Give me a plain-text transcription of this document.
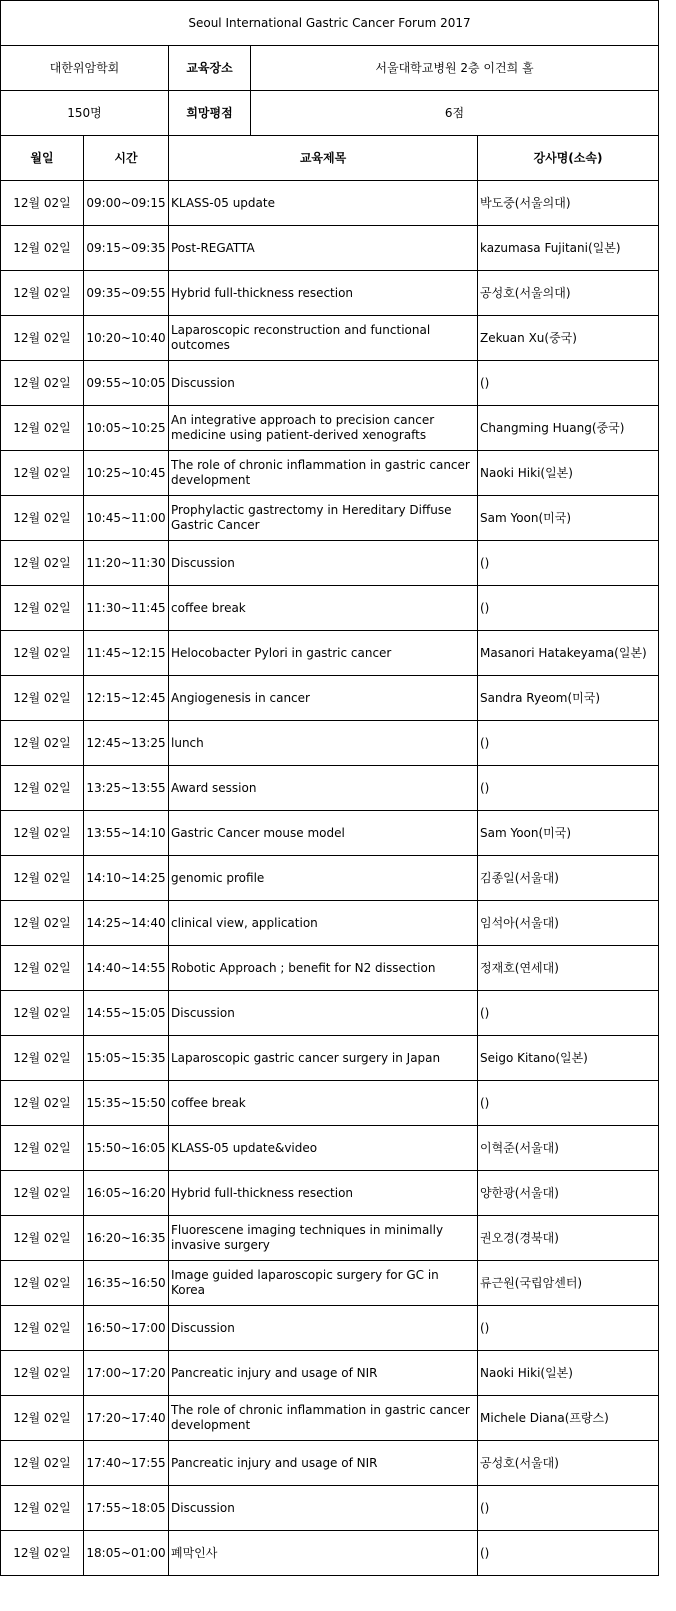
Seoul International Gastric Cancer Forum 2017				
대한위암학회		교육장소	서울대학교병원 2층 이건희 홀	
150명		희망평점	6점	
월일	시간	교육제목		강사명(소속)
12월 02일	09:00~09:15	KLASS-05 update		박도중(서울의대)
12월 02일	09:15~09:35	Post-REGATTA		kazumasa Fujitani(일본)
12월 02일	09:35~09:55	Hybrid full-thickness resection		공성호(서울의대)
12월 02일	10:20~10:40	Laparoscopic reconstruction and functional outcomes		Zekuan Xu(중국)
12월 02일	09:55~10:05	Discussion		()
12월 02일	10:05~10:25	An integrative approach to precision cancer medicine using patient-derived xenografts		Changming Huang(중국)
12월 02일	10:25~10:45	The role of chronic inflammation in gastric cancer development		Naoki Hiki(일본)
12월 02일	10:45~11:00	Prophylactic gastrectomy in Hereditary Diffuse Gastric Cancer		Sam Yoon(미국)
12월 02일	11:20~11:30	Discussion		()
12월 02일	11:30~11:45	coffee break		()
12월 02일	11:45~12:15	Helocobacter Pylori in gastric cancer		Masanori Hatakeyama(일본)
12월 02일	12:15~12:45	Angiogenesis in cancer		Sandra Ryeom(미국)
12월 02일	12:45~13:25	lunch		()
12월 02일	13:25~13:55	Award session		()
12월 02일	13:55~14:10	Gastric Cancer mouse model		Sam Yoon(미국)
12월 02일	14:10~14:25	genomic profile		김종일(서울대)
12월 02일	14:25~14:40	clinical view, application		임석아(서울대)
12월 02일	14:40~14:55	Robotic Approach ; benefit for N2 dissection		정재호(연세대)
12월 02일	14:55~15:05	Discussion		()
12월 02일	15:05~15:35	Laparoscopic gastric cancer surgery in Japan		Seigo Kitano(일본)
12월 02일	15:35~15:50	coffee break		()
12월 02일	15:50~16:05	KLASS-05 update&video		이혁준(서울대)
12월 02일	16:05~16:20	Hybrid full-thickness resection		양한광(서울대)
12월 02일	16:20~16:35	Fluorescene imaging techniques in minimally invasive surgery		권오경(경북대)
12월 02일	16:35~16:50	Image guided laparoscopic surgery for GC in Korea		류근원(국립암센터)
12월 02일	16:50~17:00	Discussion		()
12월 02일	17:00~17:20	Pancreatic injury and usage of NIR		Naoki Hiki(일본)
12월 02일	17:20~17:40	The role of chronic inflammation in gastric cancer development		Michele Diana(프랑스)
12월 02일	17:40~17:55	Pancreatic injury and usage of NIR		공성호(서울대)
12월 02일	17:55~18:05	Discussion		()
12월 02일	18:05~01:00	폐막인사		()
